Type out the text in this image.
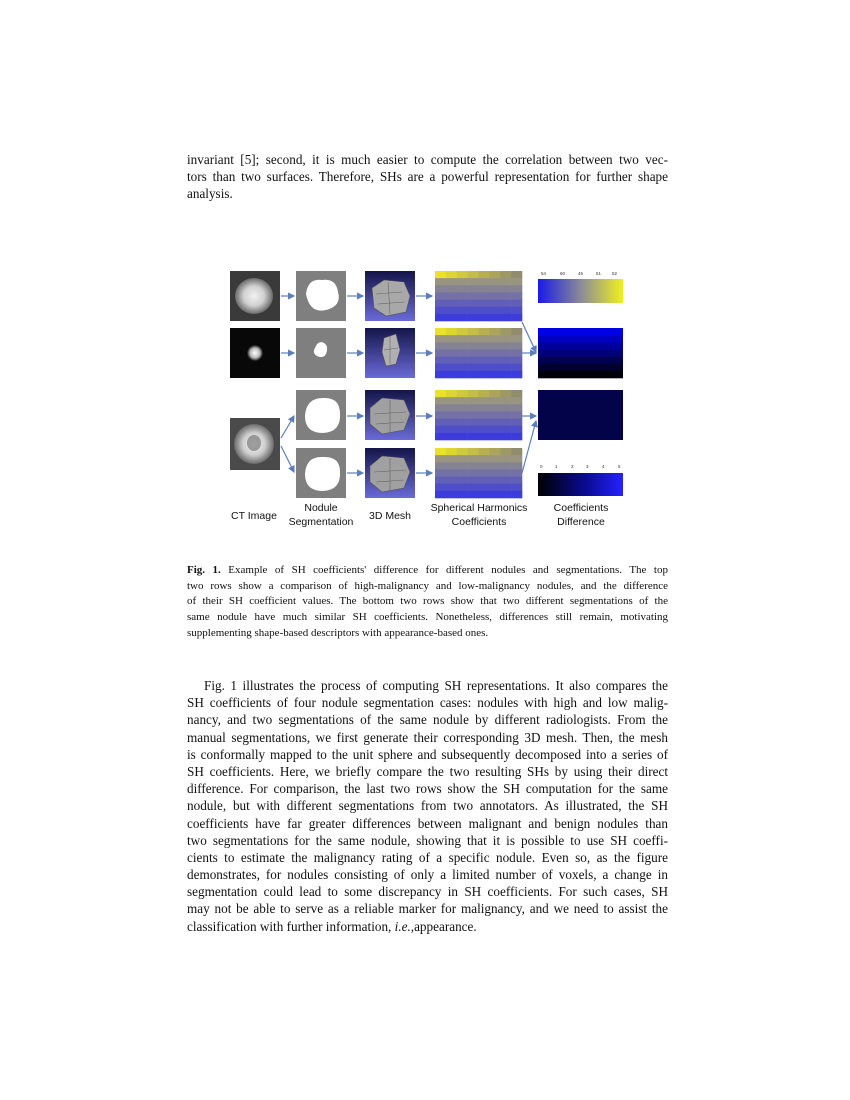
invariant [5]; second, it is much easier to compute the correlation between two vec-
tors than two surfaces. Therefore, SHs are a powerful representation for further shape
analysis.
54	60	45	51 52
0	1	2	3	4	5
CT Image
Nodule
Segmentation 3D Mesh
Spherical Harmonics
Coefficients
Coefficients
Difference
Fig. 1. Example of SH coefficients' difference for different nodules and segmentations. The top
two rows show a comparison of high-malignancy and low-malignancy nodules, and the difference
of their SH coefficient values. The bottom two rows show that two different segmentations of the
same nodule have much similar SH coefficients. Nonetheless, differences still remain, motivating
supplementing shape-based descriptors with appearance-based ones.
Fig. 1 illustrates the process of computing SH representations. It also compares the
SH coefficients of four nodule segmentation cases: nodules with high and low malig-
nancy, and two segmentations of the same nodule by different radiologists. From the
manual segmentations, we first generate their corresponding 3D mesh. Then, the mesh
is conformally mapped to the unit sphere and subsequently decomposed into a series of
SH coefficients. Here, we briefly compare the two resulting SHs by using their direct
difference. For comparison, the last two rows show the SH computation for the same
nodule, but with different segmentations from two annotators. As illustrated, the SH
coefficients have far greater differences between malignant and benign nodules than
two segmentations for the same nodule, showing that it is possible to use SH coeffi-
cients to estimate the malignancy rating of a specific nodule. Even so, as the figure
demonstrates, for nodules consisting of only a limited number of voxels, a change in
segmentation could lead to some discrepancy in SH coefficients. For such cases, SH
may not be able to serve as a reliable marker for malignancy, and we need to assist the
classification with further information, i.e.,appearance.
